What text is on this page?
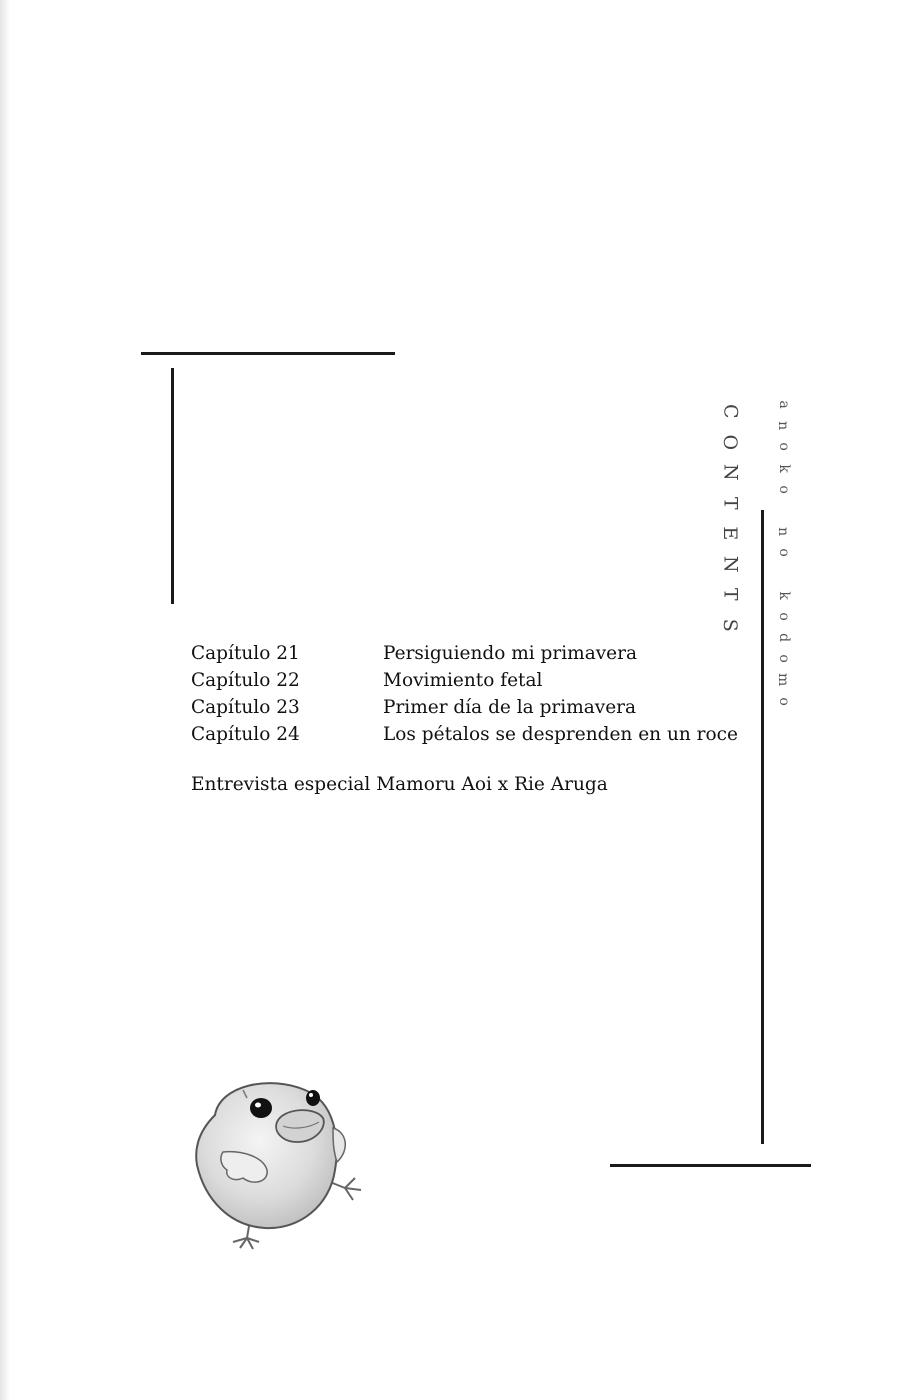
C
O
N
T
E
N
T
S
a
n
o
k
o
n
o
k
o
d
o
m
o
Capítulo 21	Persiguiendo mi primavera
Capítulo 22	Movimiento fetal
Capítulo 23	Primer día de la primavera
Capítulo 24	Los pétalos se desprenden en un roce
Entrevista especial Mamoru Aoi x Rie Aruga
